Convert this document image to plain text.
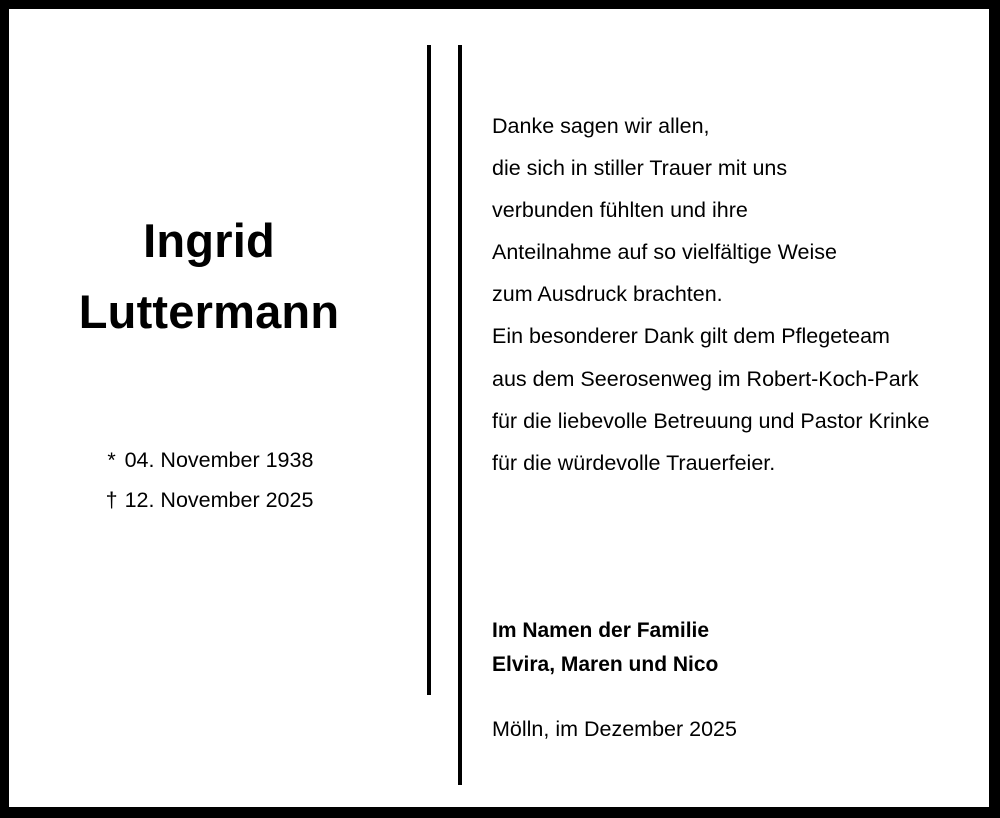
Ingrid
Luttermann
* 04. November 1938
† 12. November 2025
Danke sagen wir allen,
die sich in stiller Trauer mit uns
verbunden fühlten und ihre
Anteilnahme auf so vielfältige Weise
zum Ausdruck brachten.
Ein besonderer Dank gilt dem Pflegeteam
aus dem Seerosenweg im Robert-Koch-Park
für die liebevolle Betreuung und Pastor Krinke
für die würdevolle Trauerfeier.
Im Namen der Familie
Elvira, Maren und Nico
Mölln, im Dezember 2025
